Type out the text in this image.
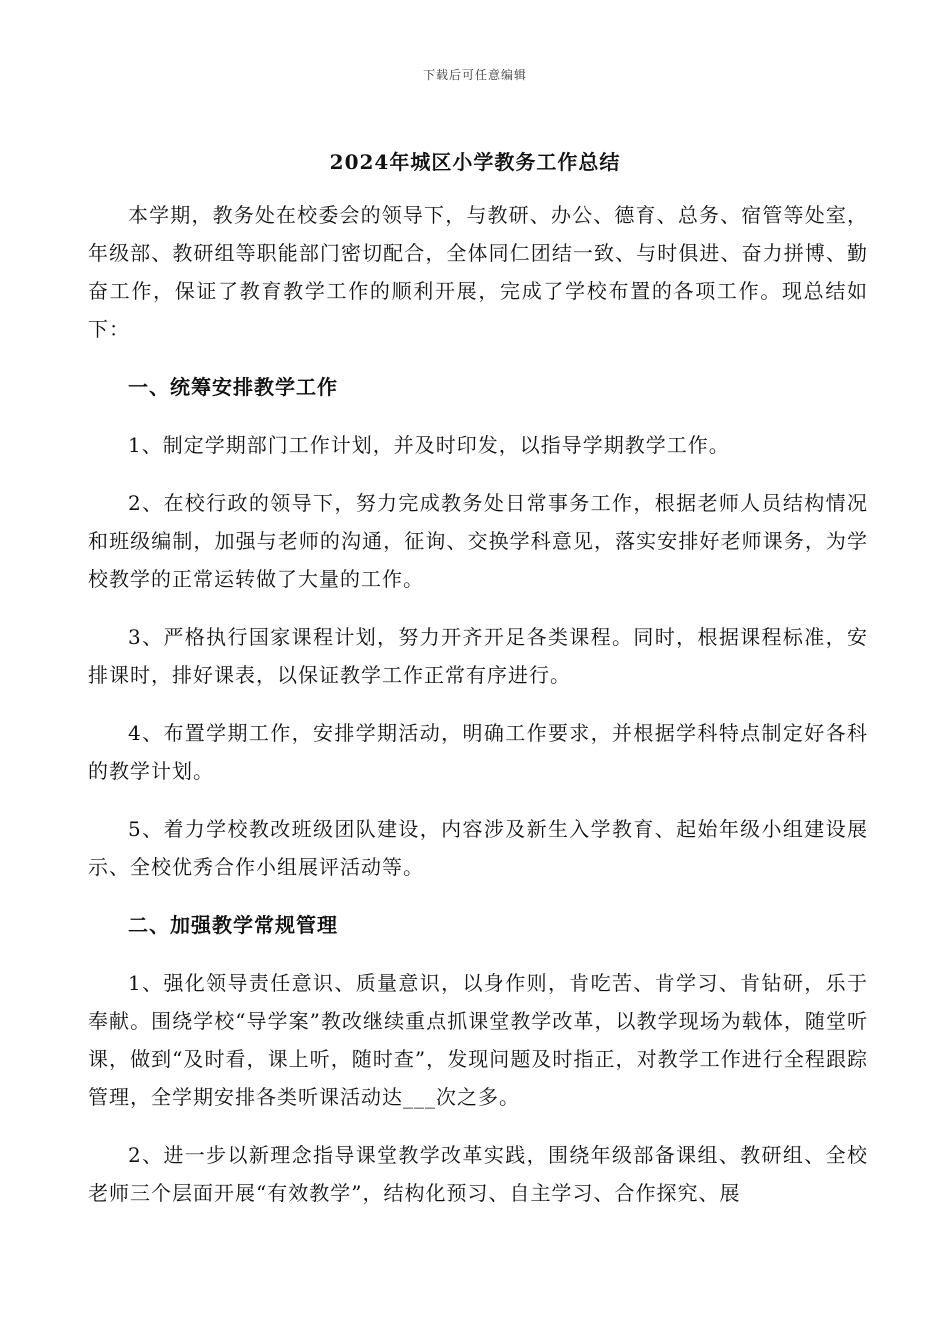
下载后可任意编辑
2024年城区小学教务工作总结

本学期，教务处在校委会的领导下，与教研、办公、德育、总务、宿管等处室，年级部、教研组等职能部门密切配合，全体同仁团结一致、与时俱进、奋力拼博、勤奋工作，保证了教育教学工作的顺利开展，完成了学校布置的各项工作。现总结如下：

一、统筹安排教学工作

1、制定学期部门工作计划，并及时印发，以指导学期教学工作。

2、在校行政的领导下，努力完成教务处日常事务工作，根据老师人员结构情况和班级编制，加强与老师的沟通，征询、交换学科意见，落实安排好老师课务，为学校教学的正常运转做了大量的工作。

3、严格执行国家课程计划，努力开齐开足各类课程。同时，根据课程标准，安排课时，排好课表，以保证教学工作正常有序进行。

4、布置学期工作，安排学期活动，明确工作要求，并根据学科特点制定好各科的教学计划。

5、着力学校教改班级团队建设，内容涉及新生入学教育、起始年级小组建设展示、全校优秀合作小组展评活动等。

二、加强教学常规管理

1、强化领导责任意识、质量意识，以身作则，肯吃苦、肯学习、肯钻研，乐于奉献。围绕学校“导学案”教改继续重点抓课堂教学改革，以教学现场为载体，随堂听课，做到“及时看，课上听，随时查”，发现问题及时指正，对教学工作进行全程跟踪管理，全学期安排各类听课活动达___次之多。

2、进一步以新理念指导课堂教学改革实践，围绕年级部备课组、教研组、全校老师三个层面开展“有效教学”，结构化预习、自主学习、合作探究、展
